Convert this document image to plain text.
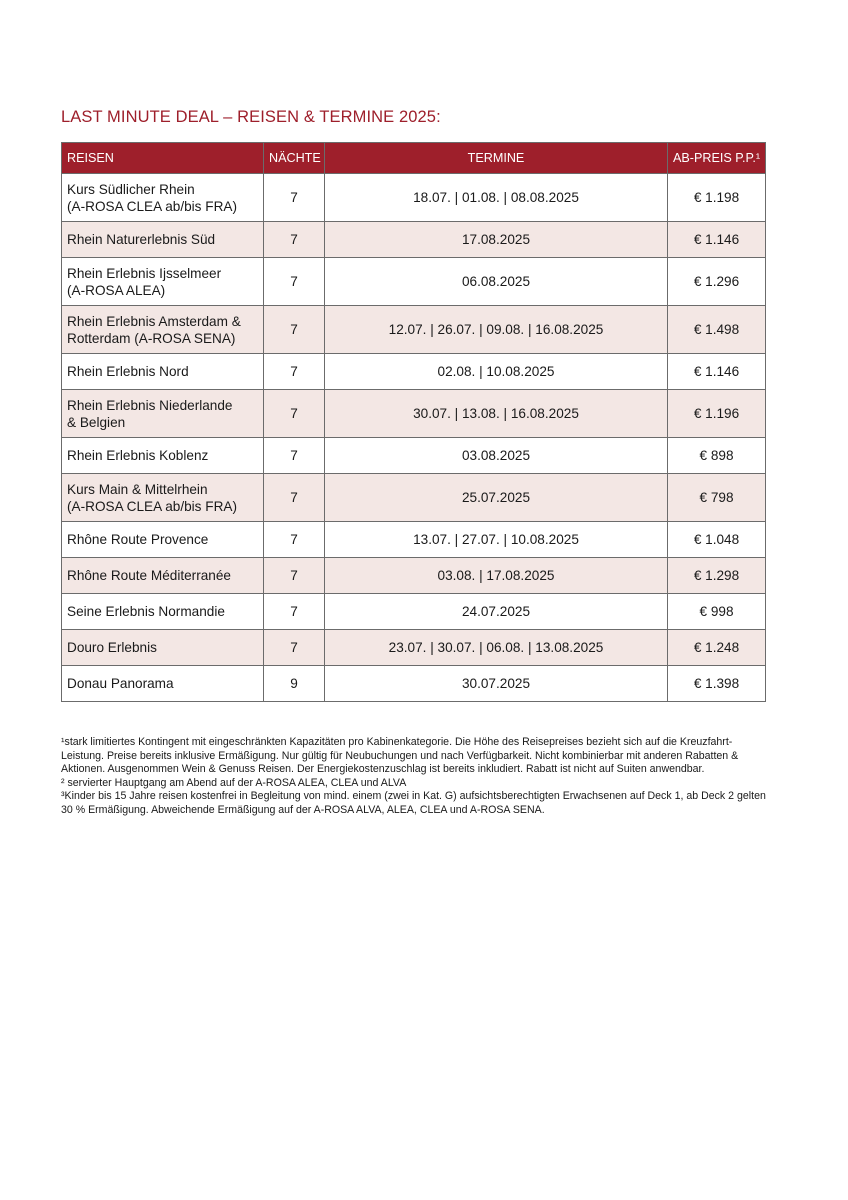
LAST MINUTE DEAL – REISEN & TERMINE 2025:
REISEN	NÄCHTE	TERMINE	AB-PREIS P.P.¹
Kurs Südlicher Rhein
(A-ROSA CLEA ab/bis FRA)	7	18.07. | 01.08. | 08.08.2025	€ 1.198
Rhein Naturerlebnis Süd	7	17.08.2025	€ 1.146
Rhein Erlebnis Ijsselmeer
(A-ROSA ALEA)	7	06.08.2025	€ 1.296
Rhein Erlebnis Amsterdam &
Rotterdam (A-ROSA SENA)	7	12.07. | 26.07. | 09.08. | 16.08.2025	€ 1.498
Rhein Erlebnis Nord	7	02.08. | 10.08.2025	€ 1.146
Rhein Erlebnis Niederlande
& Belgien	7	30.07. | 13.08. | 16.08.2025	€ 1.196
Rhein Erlebnis Koblenz	7	03.08.2025	€ 898
Kurs Main & Mittelrhein
(A-ROSA CLEA ab/bis FRA)	7	25.07.2025	€ 798
Rhône Route Provence	7	13.07. | 27.07. | 10.08.2025	€ 1.048
Rhône Route Méditerranée	7	03.08. | 17.08.2025	€ 1.298
Seine Erlebnis Normandie	7	24.07.2025	€ 998
Douro Erlebnis	7	23.07. | 30.07. | 06.08. | 13.08.2025	€ 1.248
Donau Panorama	9	30.07.2025	€ 1.398

¹stark limitiertes Kontingent mit eingeschränkten Kapazitäten pro Kabinenkategorie. Die Höhe des Reisepreises bezieht sich auf die Kreuzfahrt-Leistung. Preise bereits inklusive Ermäßigung. Nur gültig für Neubuchungen und nach Verfügbarkeit. Nicht kombinierbar mit anderen Rabatten & Aktionen. Ausgenommen Wein & Genuss Reisen. Der Energiekostenzuschlag ist bereits inkludiert. Rabatt ist nicht auf Suiten anwendbar.

² servierter Hauptgang am Abend auf der A-ROSA ALEA, CLEA und ALVA

³Kinder bis 15 Jahre reisen kostenfrei in Begleitung von mind. einem (zwei in Kat. G) aufsichtsberechtigten Erwachsenen auf Deck 1, ab Deck 2 gelten 30 % Ermäßigung. Abweichende Ermäßigung auf der A-ROSA ALVA, ALEA, CLEA und A-ROSA SENA.
